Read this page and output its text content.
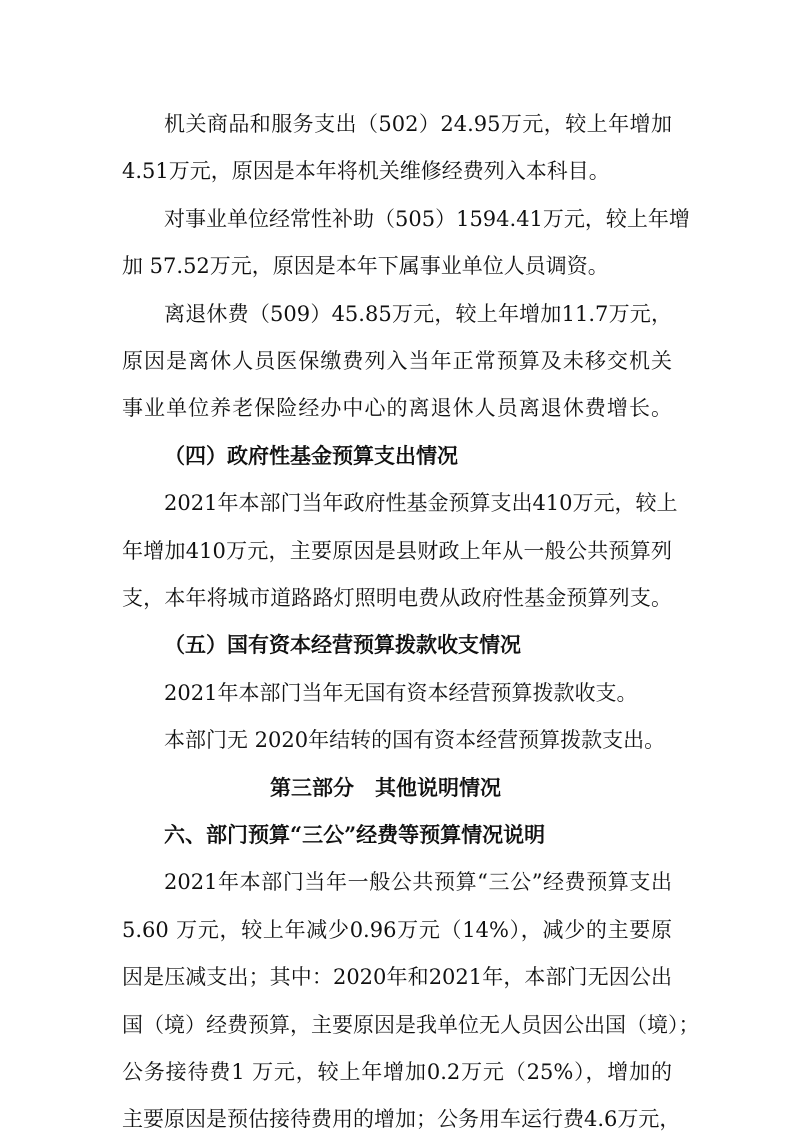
机关商品和服务支出（502）24.95万元，较上年增加
4.51万元，原因是本年将机关维修经费列入本科目。
对事业单位经常性补助（505）1594.41万元，较上年增
加 57.52万元，原因是本年下属事业单位人员调资。
离退休费（509）45.85万元，较上年增加11.7万元，
原因是离休人员医保缴费列入当年正常预算及未移交机关
事业单位养老保险经办中心的离退休人员离退休费增长。
（四）政府性基金预算支出情况
2021年本部门当年政府性基金预算支出410万元，较上
年增加410万元，主要原因是县财政上年从一般公共预算列
支，本年将城市道路路灯照明电费从政府性基金预算列支。
（五）国有资本经营预算拨款收支情况
2021年本部门当年无国有资本经营预算拨款收支。
本部门无 2020年结转的国有资本经营预算拨款支出。
第三部分　其他说明情况
六、部门预算“三公”经费等预算情况说明
2021年本部门当年一般公共预算“三公”经费预算支出
5.60 万元，较上年减少0.96万元（14%），减少的主要原
因是压减支出；其中：2020年和2021年，本部门无因公出
国（境）经费预算，主要原因是我单位无人员因公出国（境）；
公务接待费1 万元，较上年增加0.2万元（25%），增加的
主要原因是预估接待费用的增加；公务用车运行费4.6万元，
